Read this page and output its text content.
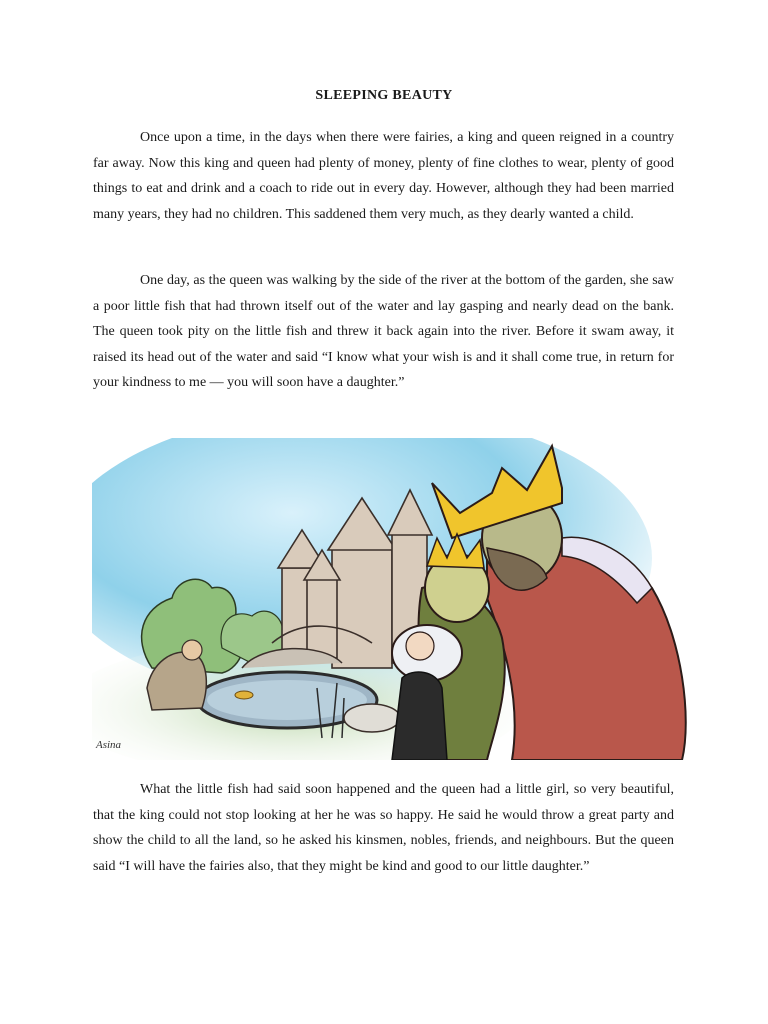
SLEEPING BEAUTY

Once upon a time, in the days when there were fairies, a king and queen reigned in a country far away. Now this king and queen had plenty of money, plenty of fine clothes to wear, plenty of good things to eat and drink and a coach to ride out in every day. However, although they had been married many years, they had no children. This saddened them very much, as they dearly wanted a child.

One day, as the queen was walking by the side of the river at the bottom of the garden, she saw a poor little fish that had thrown itself out of the water and lay gasping and nearly dead on the bank. The queen took pity on the little fish and threw it back again into the river. Before it swam away, it raised its head out of the water and said “I know what your wish is and it shall come true, in return for your kindness to me — you will soon have a daughter.”

Asina

What the little fish had said soon happened and the queen had a little girl, so very beautiful, that the king could not stop looking at her he was so happy. He said he would throw a great party and show the child to all the land, so he asked his kinsmen, nobles, friends, and neighbours. But the queen said “I will have the fairies also, that they might be kind and good to our little daughter.”
